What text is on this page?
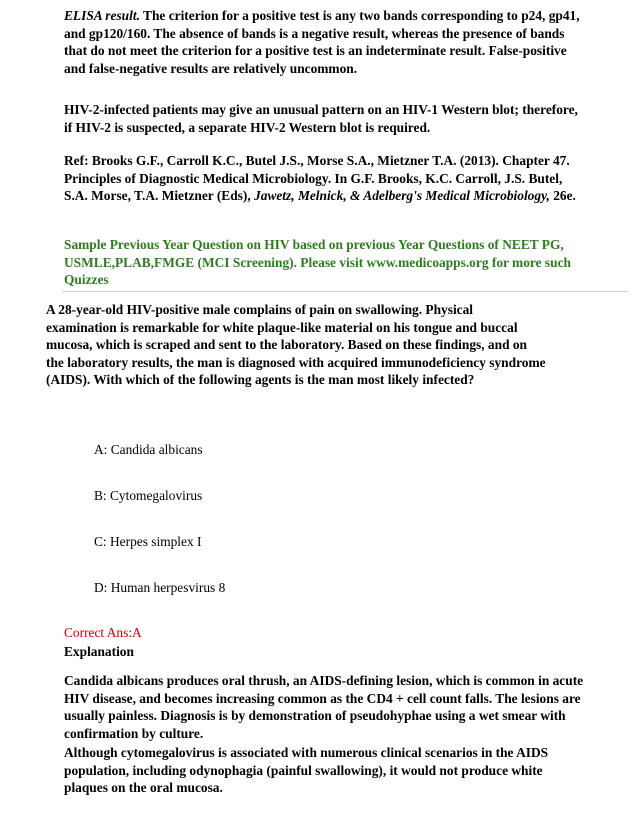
ELISA result. The criterion for a positive test is any two bands corresponding to p24, gp41, and gp120/160. The absence of bands is a negative result, whereas the presence of bands that do not meet the criterion for a positive test is an indeterminate result. False-positive and false-negative results are relatively uncommon.

HIV-2-infected patients may give an unusual pattern on an HIV-1 Western blot; therefore, if HIV-2 is suspected, a separate HIV-2 Western blot is required.

Ref: Brooks G.F., Carroll K.C., Butel J.S., Morse S.A., Mietzner T.A. (2013). Chapter 47. Principles of Diagnostic Medical Microbiology. In G.F. Brooks, K.C. Carroll, J.S. Butel, S.A. Morse, T.A. Mietzner (Eds), Jawetz, Melnick, & Adelberg's Medical Microbiology, 26e.

Sample Previous Year Question on HIV based on previous Year Questions of NEET PG, USMLE,PLAB,FMGE (MCI Screening). Please visit www.medicoapps.org for more such Quizzes

A 28-year-old HIV-positive male complains of pain on swallowing. Physical examination is remarkable for white plaque-like material on his tongue and buccal mucosa, which is scraped and sent to the laboratory. Based on these findings, and on the laboratory results, the man is diagnosed with acquired immunodeficiency syndrome (AIDS). With which of the following agents is the man most likely infected?

A: Candida albicans

B: Cytomegalovirus

C: Herpes simplex I

D: Human herpesvirus 8

Correct Ans:A

Explanation

Candida albicans produces oral thrush, an AIDS-defining lesion, which is common in acute HIV disease, and becomes increasing common as the CD4 + cell count falls. The lesions are usually painless. Diagnosis is by demonstration of pseudohyphae using a wet smear with confirmation by culture.

Although cytomegalovirus is associated with numerous clinical scenarios in the AIDS population, including odynophagia (painful swallowing), it would not produce white plaques on the oral mucosa.
